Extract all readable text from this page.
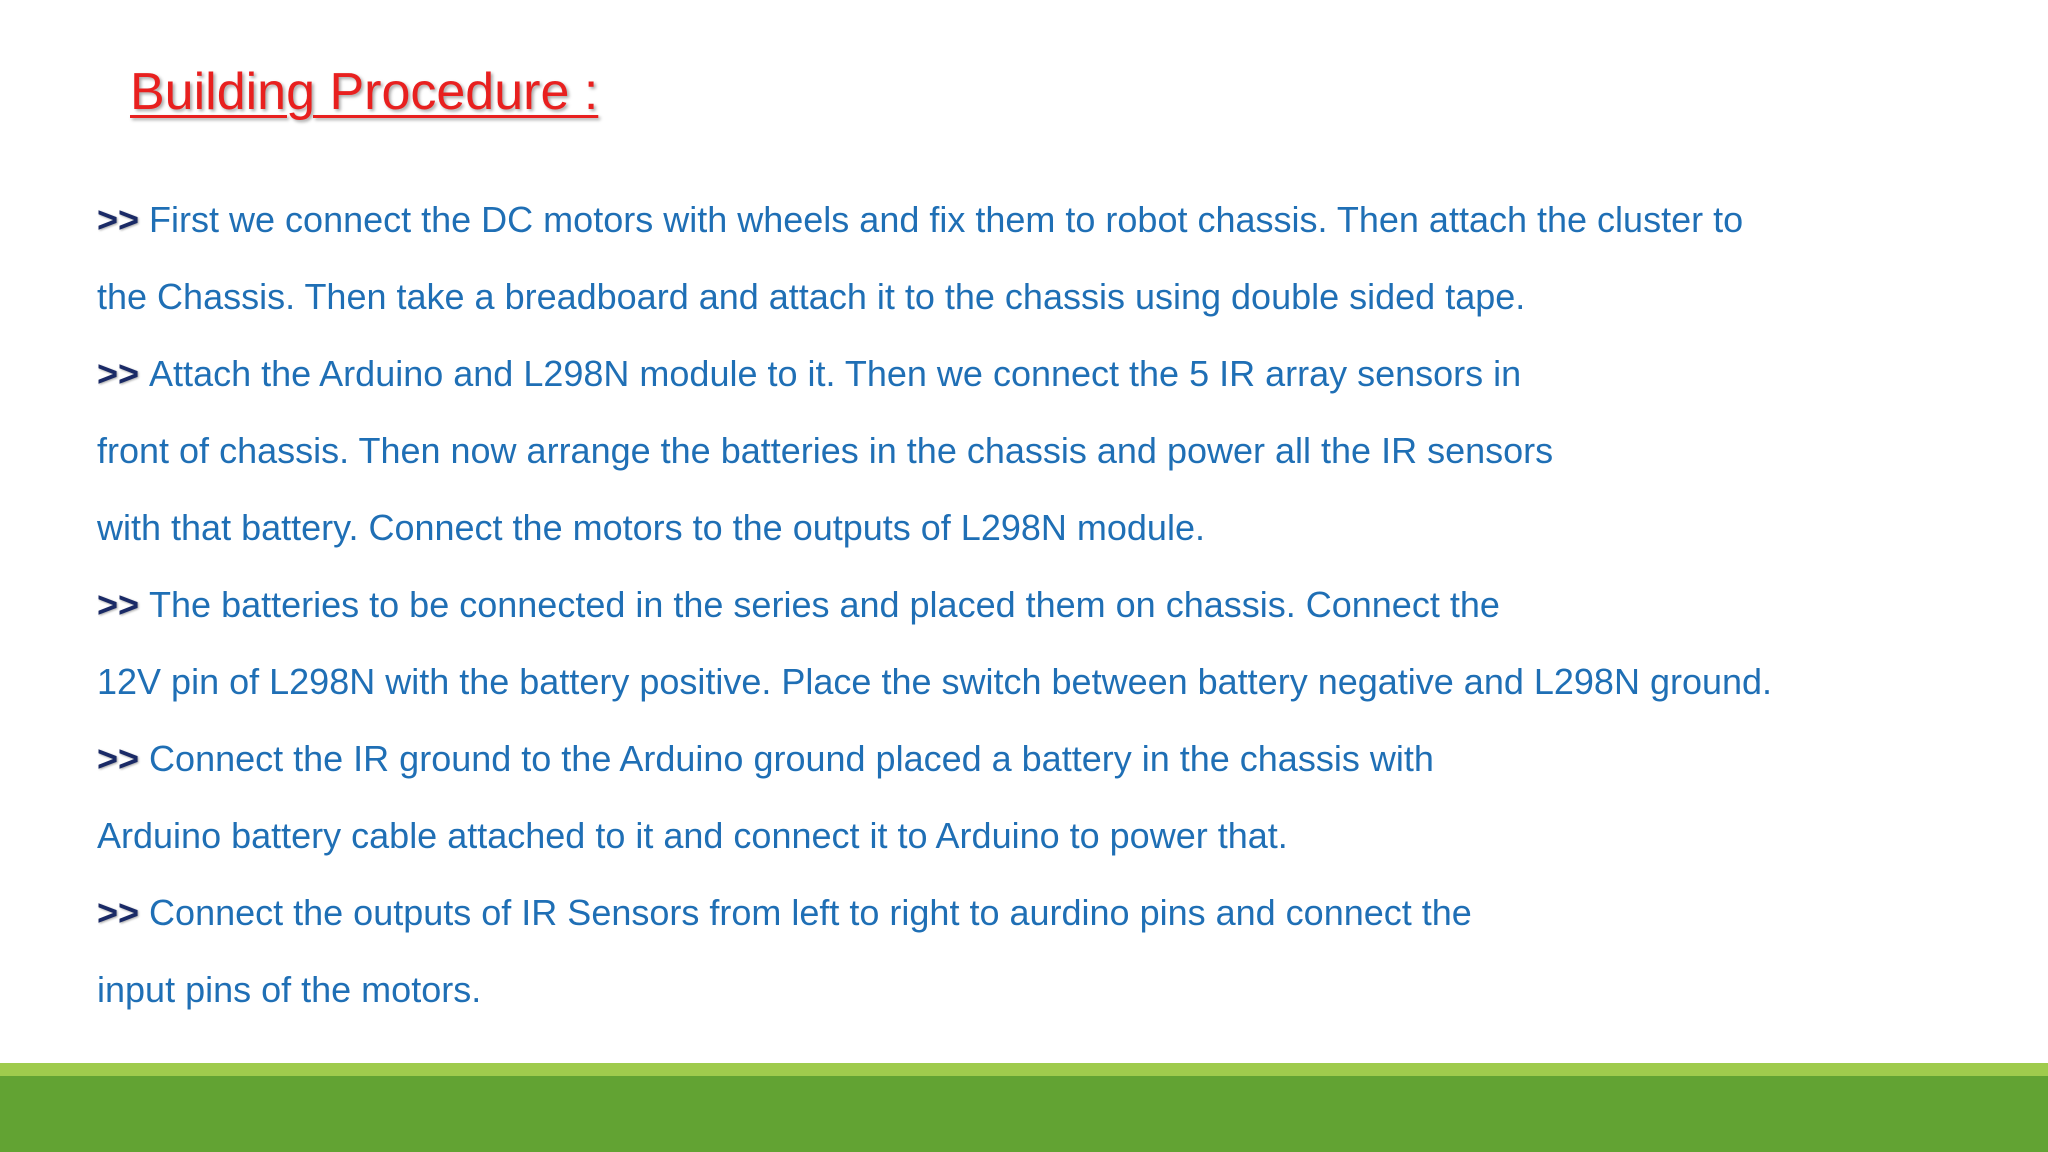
Building Procedure :
>> First we connect the DC motors with wheels and fix them to robot chassis. Then attach the cluster to
the Chassis. Then take a breadboard and attach it to the chassis using double sided tape.
>> Attach the Arduino and L298N module to it. Then we connect the 5 IR array sensors in
front of chassis. Then now arrange the batteries in the chassis and power all the IR sensors
with that battery. Connect the motors to the outputs of L298N module.
>> The batteries to be connected in the series and placed them on chassis. Connect the
12V pin of L298N with the battery positive. Place the switch between battery negative and L298N ground.
>> Connect the IR ground to the Arduino ground placed a battery in the chassis with
Arduino battery cable attached to it and connect it to Arduino to power that.
>> Connect the outputs of IR Sensors from left to right to aurdino pins and connect the
input pins of the motors.
